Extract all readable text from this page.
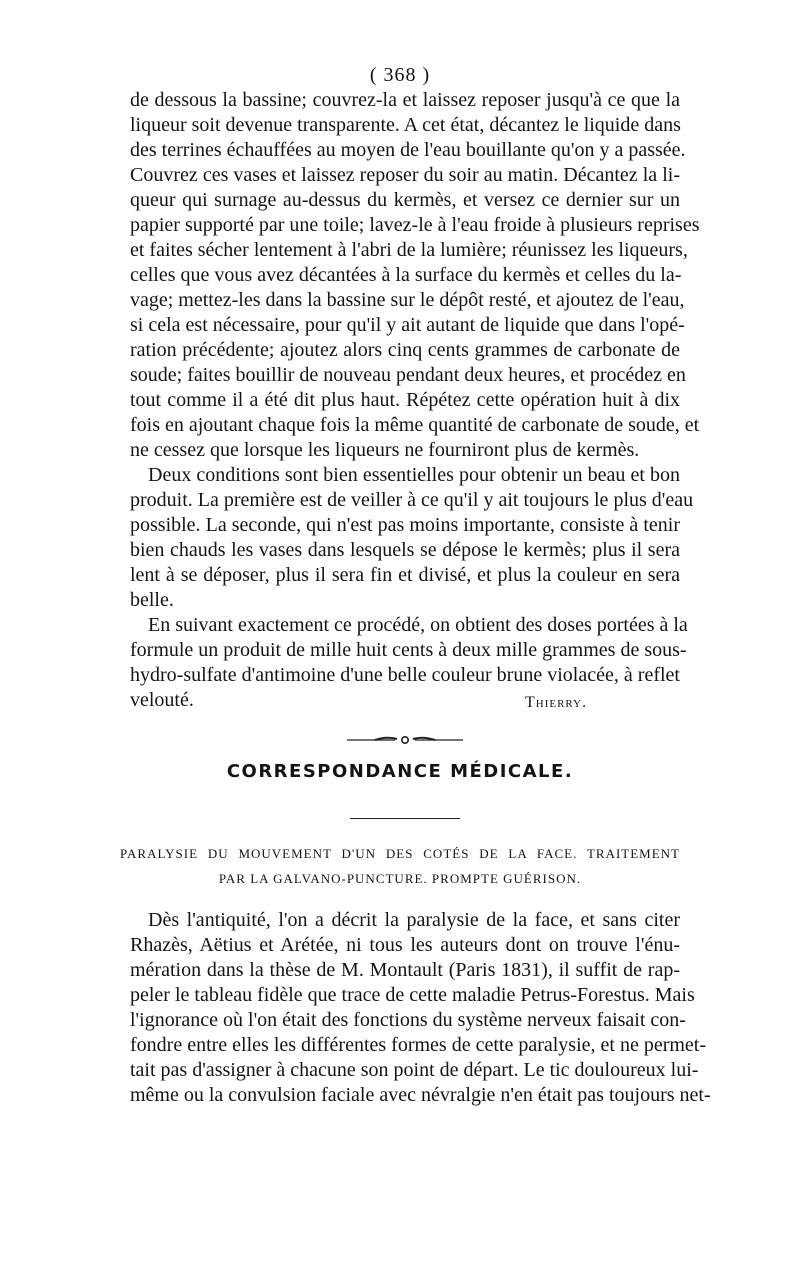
( 368 )
de dessous la bassine; couvrez-la et laissez reposer jusqu'à ce que la
liqueur soit devenue transparente. A cet état, décantez le liquide dans
des terrines échauffées au moyen de l'eau bouillante qu'on y a passée.
Couvrez ces vases et laissez reposer du soir au matin. Décantez la li-
queur qui surnage au-dessus du kermès, et versez ce dernier sur un
papier supporté par une toile; lavez-le à l'eau froide à plusieurs reprises
et faites sécher lentement à l'abri de la lumière; réunissez les liqueurs,
celles que vous avez décantées à la surface du kermès et celles du la-
vage; mettez-les dans la bassine sur le dépôt resté, et ajoutez de l'eau,
si cela est nécessaire, pour qu'il y ait autant de liquide que dans l'opé-
ration précédente; ajoutez alors cinq cents grammes de carbonate de
soude; faites bouillir de nouveau pendant deux heures, et procédez en
tout comme il a été dit plus haut. Répétez cette opération huit à dix
fois en ajoutant chaque fois la même quantité de carbonate de soude, et
ne cessez que lorsque les liqueurs ne fourniront plus de kermès.
Deux conditions sont bien essentielles pour obtenir un beau et bon
produit. La première est de veiller à ce qu'il y ait toujours le plus d'eau
possible. La seconde, qui n'est pas moins importante, consiste à tenir
bien chauds les vases dans lesquels se dépose le kermès; plus il sera
lent à se déposer, plus il sera fin et divisé, et plus la couleur en sera
belle.
En suivant exactement ce procédé, on obtient des doses portées à la
formule un produit de mille huit cents à deux mille grammes de sous-
hydro-sulfate d'antimoine d'une belle couleur brune violacée, à reflet
velouté.	Thierry.
CORRESPONDANCE MÉDICALE.
PARALYSIE DU MOUVEMENT D'UN DES COTÉS DE LA FACE. TRAITEMENT
PAR LA GALVANO-PUNCTURE. PROMPTE GUÉRISON.
Dès l'antiquité, l'on a décrit la paralysie de la face, et sans citer
Rhazès, Aëtius et Arétée, ni tous les auteurs dont on trouve l'énu-
mération dans la thèse de M. Montault (Paris 1831), il suffit de rap-
peler le tableau fidèle que trace de cette maladie Petrus-Forestus. Mais
l'ignorance où l'on était des fonctions du système nerveux faisait con-
fondre entre elles les différentes formes de cette paralysie, et ne permet-
tait pas d'assigner à chacune son point de départ. Le tic douloureux lui-
même ou la convulsion faciale avec névralgie n'en était pas toujours net-
